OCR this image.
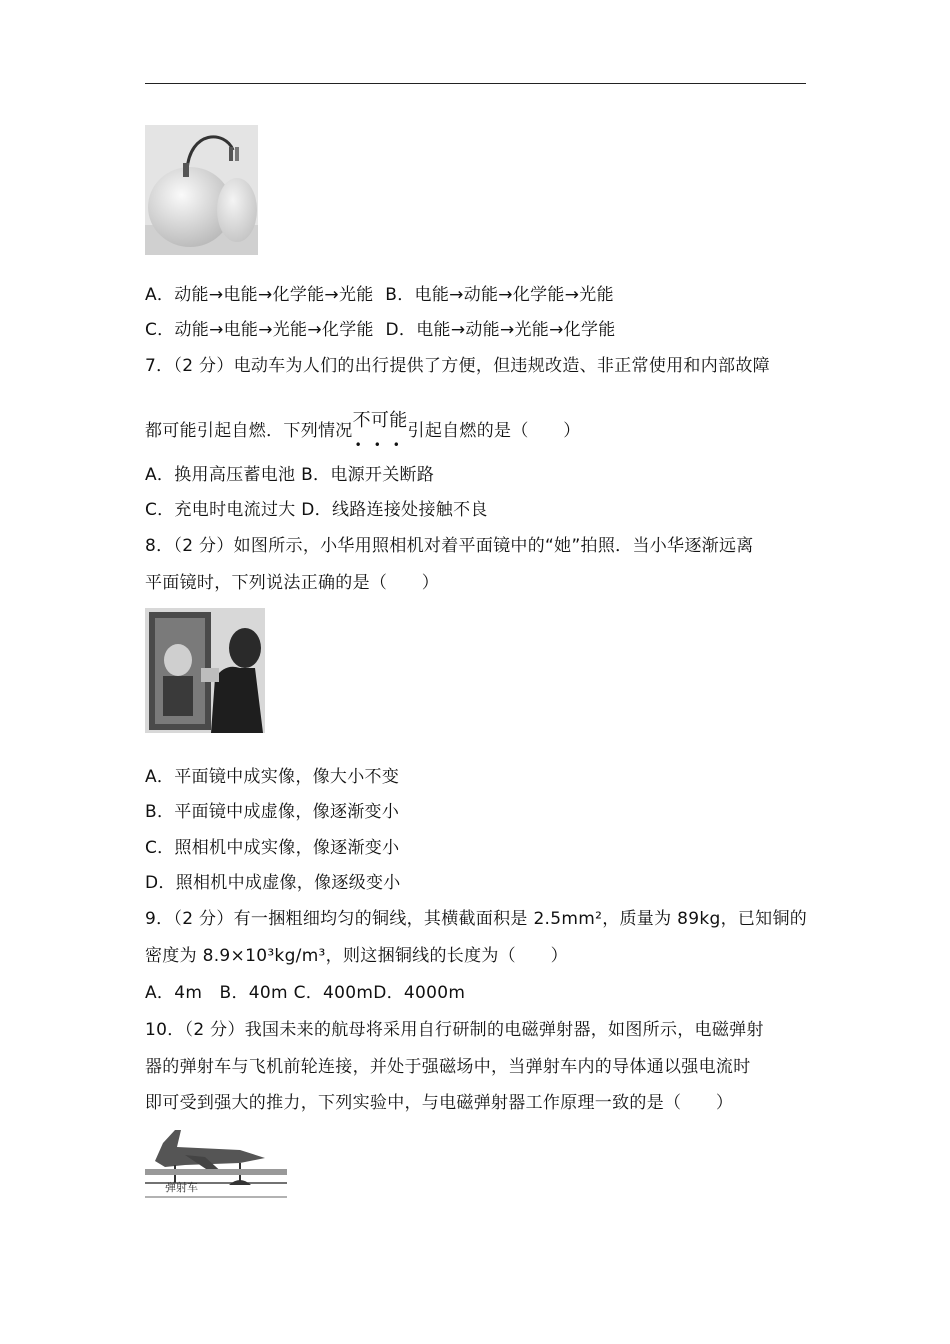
A．动能→电能→化学能→光能 B．电能→动能→化学能→光能
C．动能→电能→光能→化学能 D．电能→动能→光能→化学能
7．（2 分）电动车为人们的出行提供了方便，但违规改造、非正常使用和内部故障
都可能引起自燃．下列情况不可能
•••
引起自燃的是（　　）
A．换用高压蓄电池 B．电源开关断路
C．充电时电流过大 D．线路连接处接触不良
8．（2 分）如图所示，小华用照相机对着平面镜中的“她”拍照．当小华逐渐远离
平面镜时，下列说法正确的是（　　）
A．平面镜中成实像，像大小不变
B．平面镜中成虚像，像逐渐变小
C．照相机中成实像，像逐渐变小
D．照相机中成虚像，像逐级变小
9．（2 分）有一捆粗细均匀的铜线，其横截面积是 2.5mm²，质量为 89kg，已知铜的
密度为 8.9×10³kg/m³，则这捆铜线的长度为（　　）
A．4m　B．40m C．400mD．4000m
10．（2 分）我国未来的航母将采用自行研制的电磁弹射器，如图所示，电磁弹射
器的弹射车与飞机前轮连接，并处于强磁场中，当弹射车内的导体通以强电流时
即可受到强大的推力，下列实验中，与电磁弹射器工作原理一致的是（　　）
弹射车
